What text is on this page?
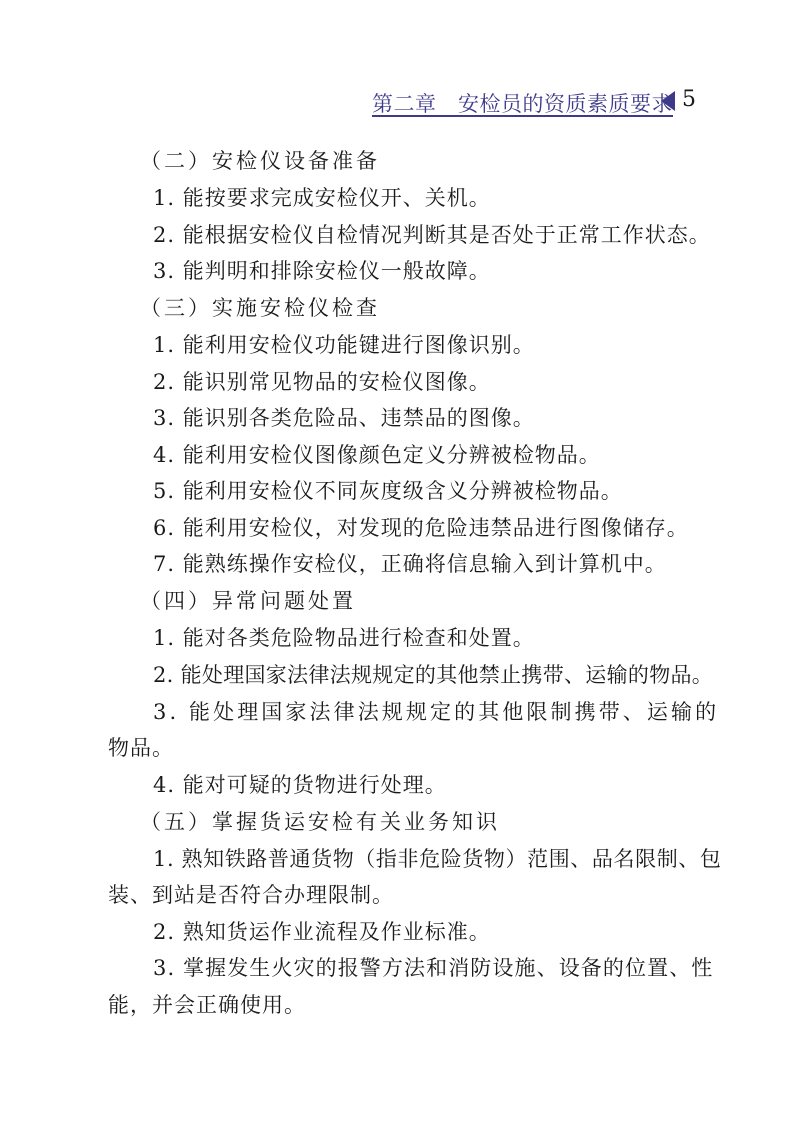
第二章　安检员的资质素质要求 5
（二）安检仪设备准备
1. 能按要求完成安检仪开、关机。
2. 能根据安检仪自检情况判断其是否处于正常工作状态。
3. 能判明和排除安检仪一般故障。
（三）实施安检仪检查
1. 能利用安检仪功能键进行图像识别。
2. 能识别常见物品的安检仪图像。
3. 能识别各类危险品、违禁品的图像。
4. 能利用安检仪图像颜色定义分辨被检物品。
5. 能利用安检仪不同灰度级含义分辨被检物品。
6. 能利用安检仪，对发现的危险违禁品进行图像储存。
7. 能熟练操作安检仪，正确将信息输入到计算机中。
（四）异常问题处置
1. 能对各类危险物品进行检查和处置。
2. 能处理国家法律法规规定的其他禁止携带、运输的物品。
3. 能处理国家法律法规规定的其他限制携带、运输的
物品。
4. 能对可疑的货物进行处理。
（五）掌握货运安检有关业务知识
1. 熟知铁路普通货物（指非危险货物）范围、品名限制、包
装、到站是否符合办理限制。
2. 熟知货运作业流程及作业标准。
3. 掌握发生火灾的报警方法和消防设施、设备的位置、性
能，并会正确使用。
